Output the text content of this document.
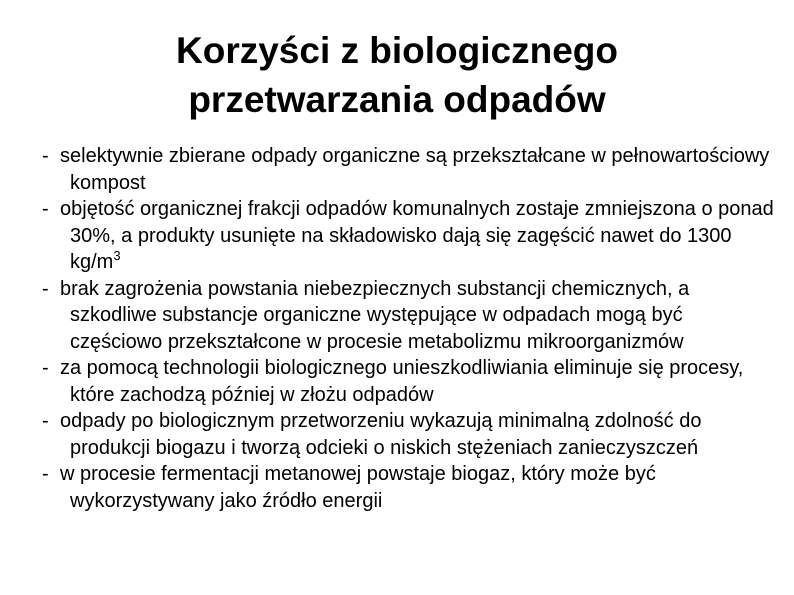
Korzyści z biologicznego
przetwarzania odpadów
- selektywnie zbierane odpady organiczne są przekształcane w pełnowartościowy kompost
- objętość organicznej frakcji odpadów komunalnych zostaje zmniejszona o ponad 30%, a produkty usunięte na składowisko dają się zagęścić nawet do 1300 $kg/m^3$
- brak zagrożenia powstania niebezpiecznych substancji chemicznych, a szkodliwe substancje organiczne występujące w odpadach mogą być częściowo przekształcone w procesie metabolizmu mikroorganizmów
- za pomocą technologii biologicznego unieszkodliwiania eliminuje się procesy, które zachodzą później w złożu odpadów
- odpady po biologicznym przetworzeniu wykazują minimalną zdolność do produkcji biogazu i tworzą odcieki o niskich stężeniach zanieczyszczeń
- w procesie fermentacji metanowej powstaje biogaz, który może być wykorzystywany jako źródło energii
